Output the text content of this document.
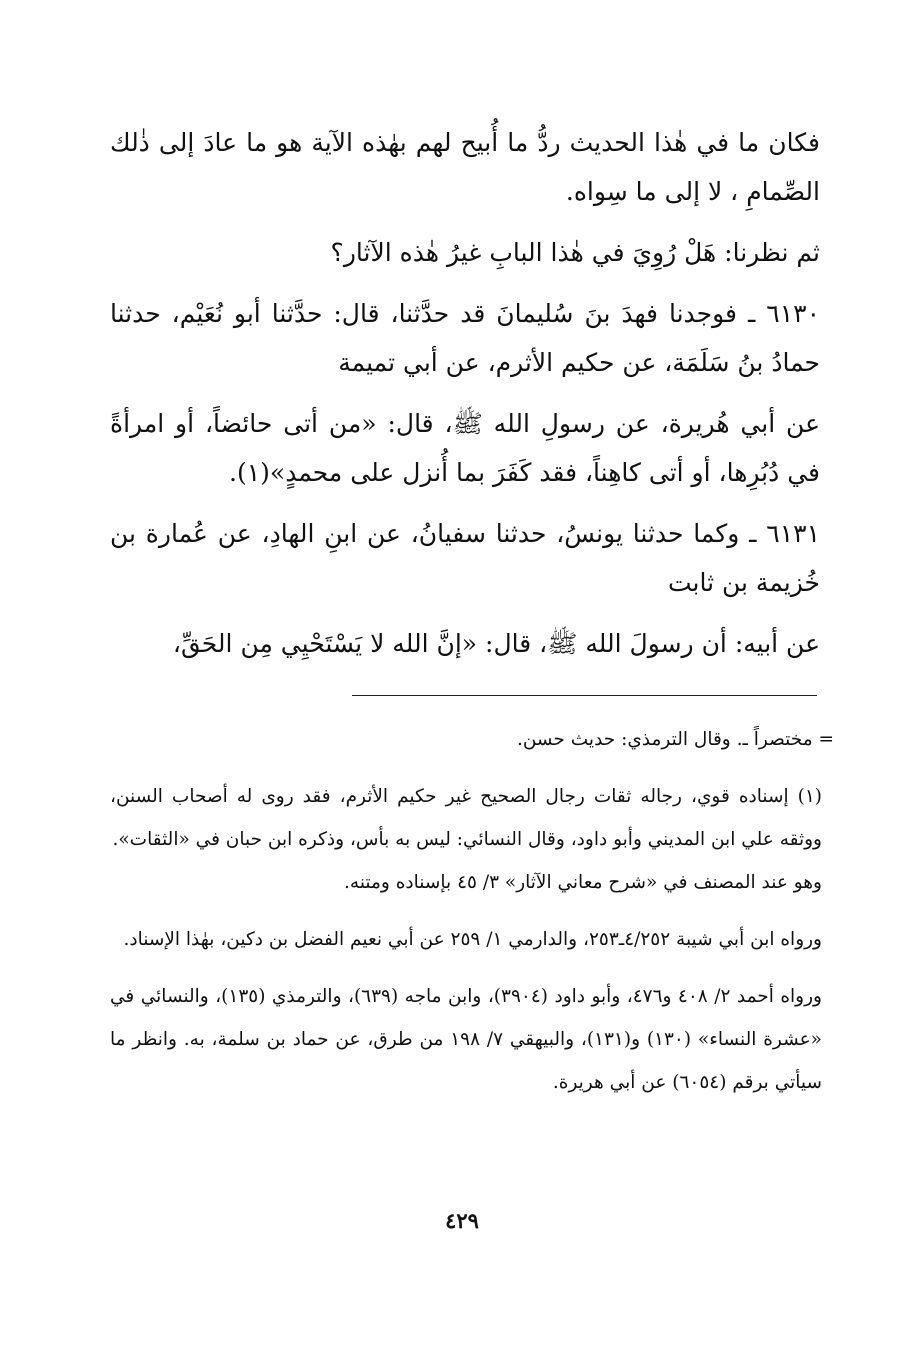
فكان ما في هٰذا الحديث ردُّ ما أُبيح لهم بهٰذه الآية هو ما عادَ إلى ذٰلك الصِّمامِ ، لا إلى ما سِواه.

ثم نظرنا: هَلْ رُوِيَ في هٰذا البابِ غيرُ هٰذه الآثار؟

٦١٣٠ ـ فوجدنا فهدَ بنَ سُليمانَ قد حدَّثنا، قال: حدَّثنا أبو نُعَيْم، حدثنا حمادُ بنُ سَلَمَة، عن حكيم الأثرم، عن أبي تميمة

عن أبي هُريرة، عن رسولِ الله ﷺ، قال: «من أتى حائضاً، أو امرأةً في دُبُرِها، أو أتى كاهِناً، فقد كَفَرَ بما أُنزل على محمدٍ»(١).

٦١٣١ ـ وكما حدثنا يونسُ، حدثنا سفيانُ، عن ابنِ الهادِ، عن عُمارة بن خُزيمة بن ثابت

عن أبيه: أن رسولَ الله ﷺ، قال: «إنَّ الله لا يَسْتَحْيِي مِن الحَقِّ،

= مختصراً ـ. وقال الترمذي: حديث حسن.

(١) إسناده قوي، رجاله ثقات رجال الصحيح غير حكيم الأثرم، فقد روى له أصحاب السنن، ووثقه علي ابن المديني وأبو داود، وقال النسائي: ليس به بأس، وذكره ابن حبان في «الثقات».

وهو عند المصنف في «شرح معاني الآثار» ٣/ ٤٥ بإسناده ومتنه.

ورواه ابن أبي شيبة ٤/٢٥٢ـ٢٥٣، والدارمي ١/ ٢٥٩ عن أبي نعيم الفضل بن دكين، بهٰذا الإسناد.

ورواه أحمد ٢/ ٤٠٨ و٤٧٦، وأبو داود (٣٩٠٤)، وابن ماجه (٦٣٩)، والترمذي (١٣٥)، والنسائي في «عشرة النساء» (١٣٠) و(١٣١)، والبيهقي ٧/ ١٩٨ من طرق، عن حماد بن سلمة، به. وانظر ما سيأتي برقم (٦٠٥٤) عن أبي هريرة.

٤٢٩
